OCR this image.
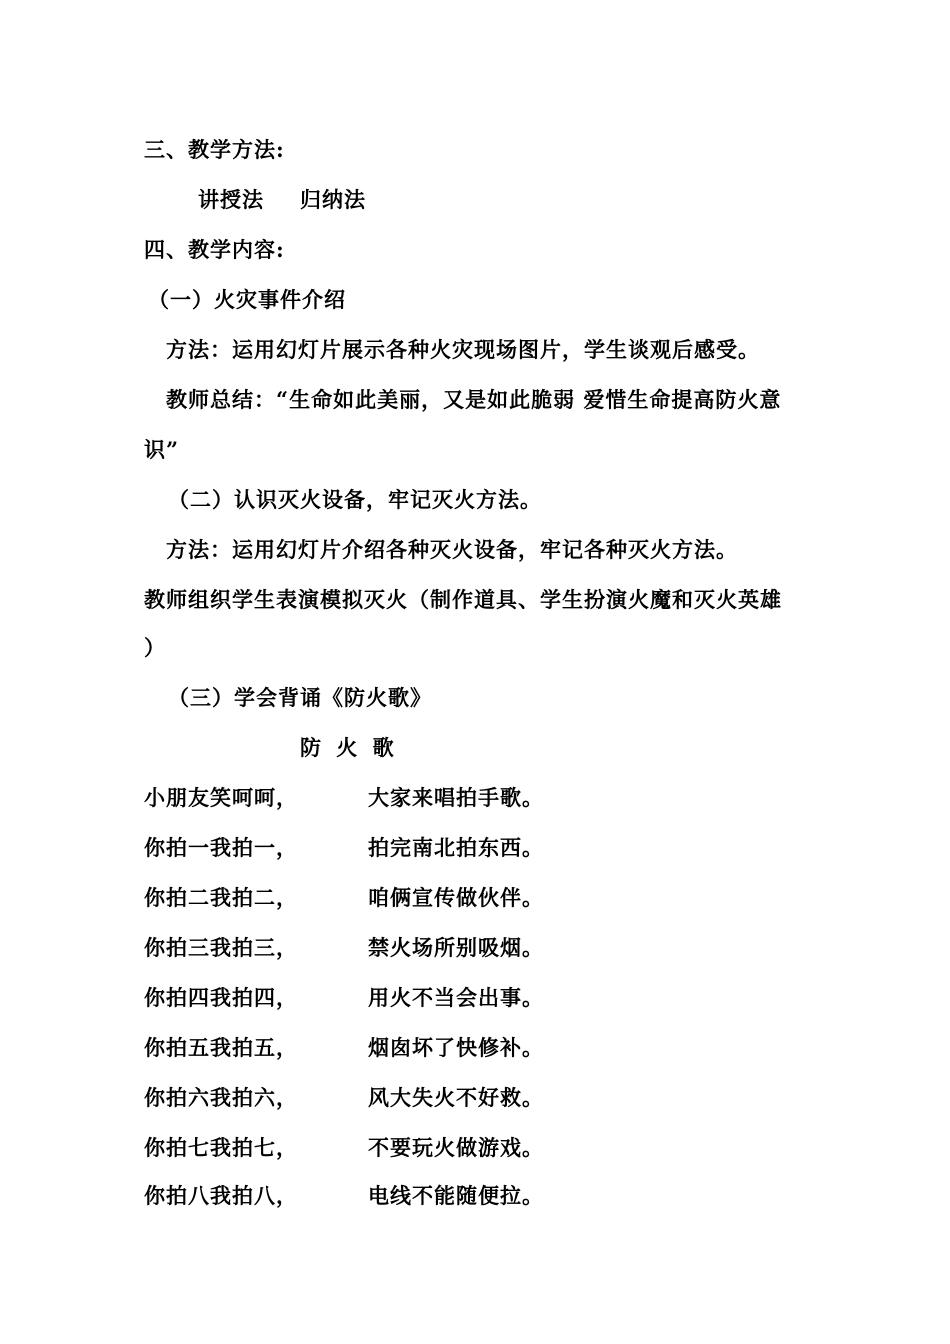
三、教学方法:
讲授法 归纳法
四、教学内容:
（一）火灾事件介绍
方法：运用幻灯片展示各种火灾现场图片，学生谈观后感受。
教师总结：“生命如此美丽，又是如此脆弱 爱惜生命提高防火意
识”
（二）认识灭火设备，牢记灭火方法。
方法：运用幻灯片介绍各种灭火设备，牢记各种灭火方法。
教师组织学生表演模拟灭火（制作道具、学生扮演火魔和灭火英雄
）
（三）学会背诵《防火歌》
防 火 歌
小朋友笑呵呵，	大家来唱拍手歌。
你拍一我拍一，	拍完南北拍东西。
你拍二我拍二，	咱俩宣传做伙伴。
你拍三我拍三，	禁火场所别吸烟。
你拍四我拍四，	用火不当会出事。
你拍五我拍五，	烟囱坏了快修补。
你拍六我拍六，	风大失火不好救。
你拍七我拍七，	不要玩火做游戏。
你拍八我拍八，	电线不能随便拉。
